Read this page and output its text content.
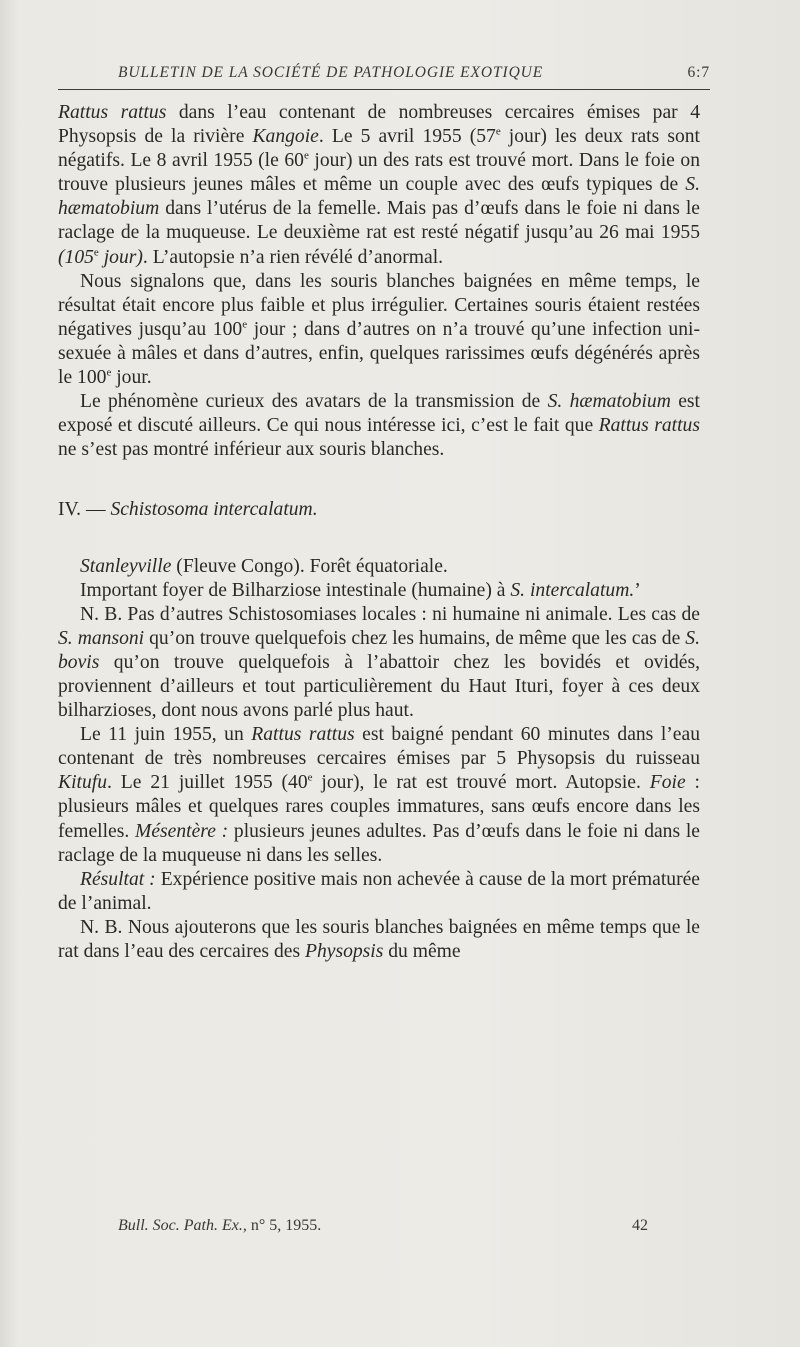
BULLETIN DE LA SOCIÉTÉ DE PATHOLOGIE EXOTIQUE	6:7

Rattus rattus dans l’eau contenant de nombreuses cercaires émises par 4 Physopsis de la rivière Kangoie. Le 5 avril 1955 (57e jour) les deux rats sont négatifs. Le 8 avril 1955 (le 60e jour) un des rats est trouvé mort. Dans le foie on trouve plusieurs jeunes mâles et même un couple avec des œufs typiques de S. hæmatobium dans l’utérus de la femelle. Mais pas d’œufs dans le foie ni dans le raclage de la muqueuse. Le deuxième rat est resté négatif jusqu’au 26 mai 1955 (105e jour). L’autopsie n’a rien révélé d’anormal.

Nous signalons que, dans les souris blanches baignées en même temps, le résultat était encore plus faible et plus irrégulier. Certaines souris étaient restées négatives jusqu’au 100e jour ; dans d’autres on n’a trouvé qu’une infection uni-sexuée à mâles et dans d’autres, enfin, quelques rarissimes œufs dégénérés après le 100e jour.

Le phénomène curieux des avatars de la transmission de S. hæmatobium est exposé et discuté ailleurs. Ce qui nous intéresse ici, c’est le fait que Rattus rattus ne s’est pas montré inférieur aux souris blanches.

IV. — Schistosoma intercalatum.

Stanleyville (Fleuve Congo). Forêt équatoriale.

Important foyer de Bilharziose intestinale (humaine) à S. intercalatum.’

N. B. Pas d’autres Schistosomiases locales : ni humaine ni animale. Les cas de S. mansoni qu’on trouve quelquefois chez les humains, de même que les cas de S. bovis qu’on trouve quelquefois à l’abattoir chez les bovidés et ovidés, proviennent d’ailleurs et tout particulièrement du Haut Ituri, foyer à ces deux bilharzioses, dont nous avons parlé plus haut.

Le 11 juin 1955, un Rattus rattus est baigné pendant 60 minutes dans l’eau contenant de très nombreuses cercaires émises par 5 Physopsis du ruisseau Kitufu. Le 21 juillet 1955 (40e jour), le rat est trouvé mort. Autopsie. Foie : plusieurs mâles et quelques rares couples immatures, sans œufs encore dans les femelles. Mésentère : plusieurs jeunes adultes. Pas d’œufs dans le foie ni dans le raclage de la muqueuse ni dans les selles.

Résultat : Expérience positive mais non achevée à cause de la mort prématurée de l’animal.

N. B. Nous ajouterons que les souris blanches baignées en même temps que le rat dans l’eau des cercaires des Physopsis du même

Bull. Soc. Path. Ex., n° 5, 1955.	42
